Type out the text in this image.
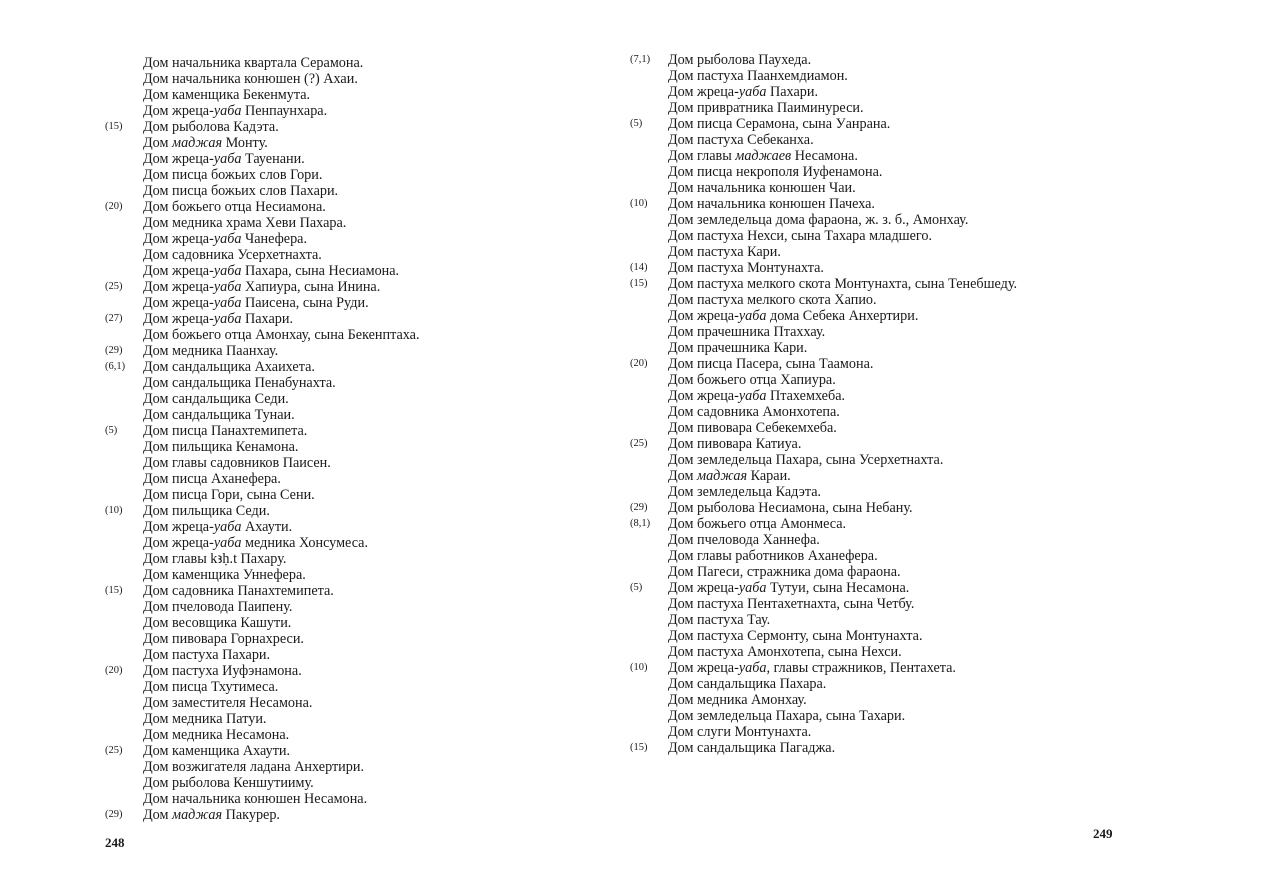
Дом начальника квартала Серамона.
Дом начальника конюшен (?) Ахаи.
Дом каменщика Бекенмута.
Дом жреца-уаба Пенпаунхара.
(15)	Дом рыболова Кадэта.
Дом маджая Монту.
Дом жреца-уаба Тауенани.
Дом писца божьих слов Гори.
Дом писца божьих слов Пахари.
(20)	Дом божьего отца Несиамона.
Дом медника храма Хеви Пахара.
Дом жреца-уаба Чанефера.
Дом садовника Усерхетнахта.
Дом жреца-уаба Пахара, сына Несиамона.
(25)	Дом жреца-уаба Хапиура, сына Инина.
Дом жреца-уаба Паисена, сына Руди.
(27)	Дом жреца-уаба Пахари.
Дом божьего отца Амонхау, сына Бекенптаха.
(29)	Дом медника Паанхау.
(6,1)	Дом сандальщика Ахаихета.
Дом сандальщика Пенабунахта.
Дом сандальщика Седи.
Дом сандальщика Тунаи.
(5)	Дом писца Панахтемипета.
Дом пильщика Кенамона.
Дом главы садовников Паисен.
Дом писца Аханефера.
Дом писца Гори, сына Сени.
(10)	Дом пильщика Седи.
Дом жреца-уаба Ахаути.
Дом жреца-уаба медника Хонсумеса.
Дом главы kꜣḥ.t Пахару.
Дом каменщика Уннефера.
(15)	Дом садовника Панахтемипета.
Дом пчеловода Паипену.
Дом весовщика Кашути.
Дом пивовара Горнахреси.
Дом пастуха Пахари.
(20)	Дом пастуха Иуфэнамона.
Дом писца Тхутимеса.
Дом заместителя Несамона.
Дом медника Патуи.
Дом медника Несамона.
(25)	Дом каменщика Ахаути.
Дом возжигателя ладана Анхертири.
Дом рыболова Кеншутииму.
Дом начальника конюшен Несамона.
(29)	Дом маджая Пакурер.
248
249
(7,1)	Дом рыболова Паухеда.
Дом пастуха Паанхемдиамон.
Дом жреца-уаба Пахари.
Дом привратника Паиминуреси.
(5)	Дом писца Серамона, сына Уанрана.
Дом пастуха Себеканха.
Дом главы маджаев Несамона.
Дом писца некрополя Иуфенамона.
Дом начальника конюшен Чаи.
(10)	Дом начальника конюшен Пачеха.
Дом земледельца дома фараона, ж. з. б., Амонхау.
Дом пастуха Нехси, сына Тахара младшего.
Дом пастуха Кари.
(14)	Дом пастуха Монтунахта.
(15)	Дом пастуха мелкого скота Монтунахта, сына Тенебшеду.
Дом пастуха мелкого скота Хапио.
Дом жреца-уаба дома Себека Анхертири.
Дом прачешника Птаххау.
Дом прачешника Кари.
(20)	Дом писца Пасера, сына Таамона.
Дом божьего отца Хапиура.
Дом жреца-уаба Птахемхеба.
Дом садовника Амонхотепа.
Дом пивовара Себекемхеба.
(25)	Дом пивовара Катиуа.
Дом земледельца Пахара, сына Усерхетнахта.
Дом маджая Караи.
Дом земледельца Кадэта.
(29)	Дом рыболова Несиамона, сына Небану.
(8,1)	Дом божьего отца Амонмеса.
Дом пчеловода Ханнефа.
Дом главы работников Аханефера.
Дом Пагеси, стражника дома фараона.
(5)	Дом жреца-уаба Тутуи, сына Несамона.
Дом пастуха Пентахетнахта, сына Четбу.
Дом пастуха Тау.
Дом пастуха Сермонту, сына Монтунахта.
Дом пастуха Амонхотепа, сына Нехси.
(10)	Дом жреца-уаба, главы стражников, Пентахета.
Дом сандальщика Пахара.
Дом медника Амонхау.
Дом земледельца Пахара, сына Тахари.
Дом слуги Монтунахта.
(15)	Дом сандальщика Пагаджа.
